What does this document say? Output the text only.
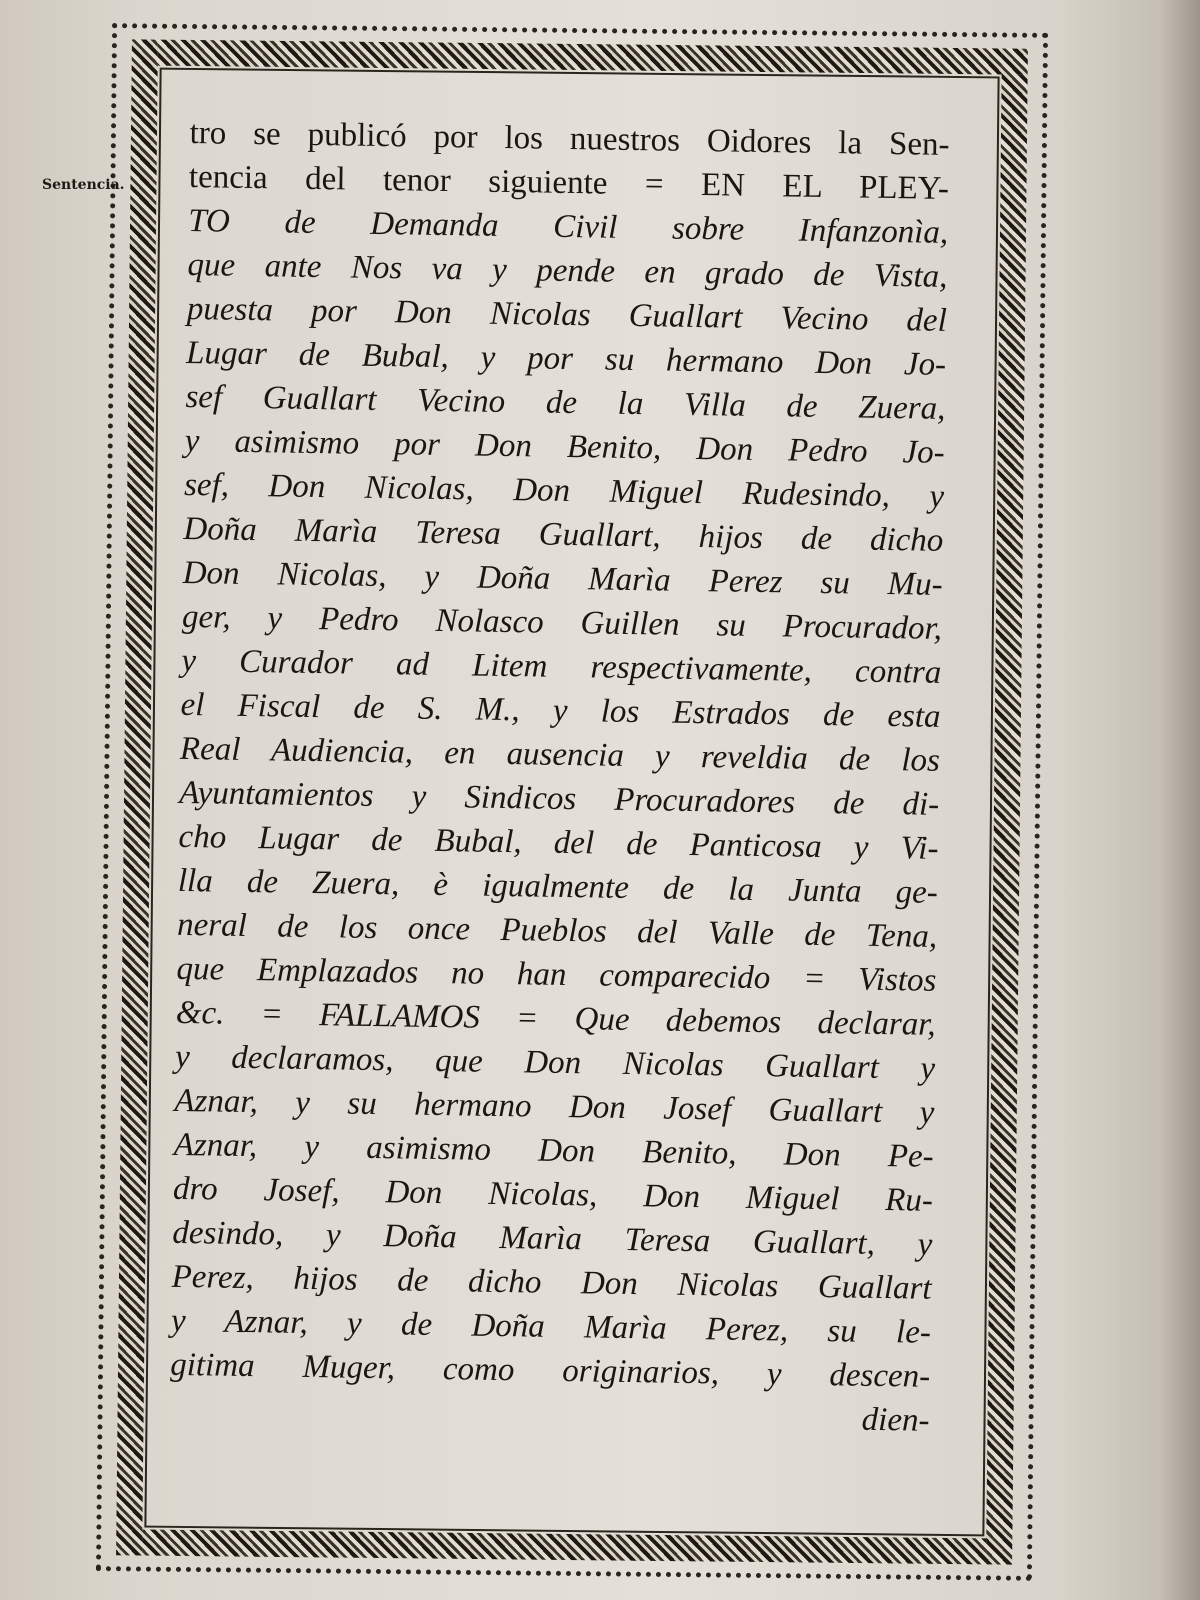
Sentencia.
tro se publicó por los nuestros Oidores la Sen-
tencia del tenor siguiente = EN EL PLEY-
TO de Demanda Civil sobre Infanzonìa,
que ante Nos va y pende en grado de Vista,
puesta por Don Nicolas Guallart Vecino del
Lugar de Bubal, y por su hermano Don Jo-
sef Guallart Vecino de la Villa de Zuera,
y asimismo por Don Benito, Don Pedro Jo-
sef, Don Nicolas, Don Miguel Rudesindo, y
Doña Marìa Teresa Guallart, hijos de dicho
Don Nicolas, y Doña Marìa Perez su Mu-
ger, y Pedro Nolasco Guillen su Procurador,
y Curador ad Litem respectivamente, contra
el Fiscal de S. M., y los Estrados de esta
Real Audiencia, en ausencia y reveldia de los
Ayuntamientos y Sindicos Procuradores de di-
cho Lugar de Bubal, del de Panticosa y Vi-
lla de Zuera, è igualmente de la Junta ge-
neral de los once Pueblos del Valle de Tena,
que Emplazados no han comparecido = Vistos
&c. = FALLAMOS = Que debemos declarar,
y declaramos, que Don Nicolas Guallart y
Aznar, y su hermano Don Josef Guallart y
Aznar, y asimismo Don Benito, Don Pe-
dro Josef, Don Nicolas, Don Miguel Ru-
desindo, y Doña Marìa Teresa Guallart, y
Perez, hijos de dicho Don Nicolas Guallart
y Aznar, y de Doña Marìa Perez, su le-
gitima Muger, como originarios, y descen-
dien-
